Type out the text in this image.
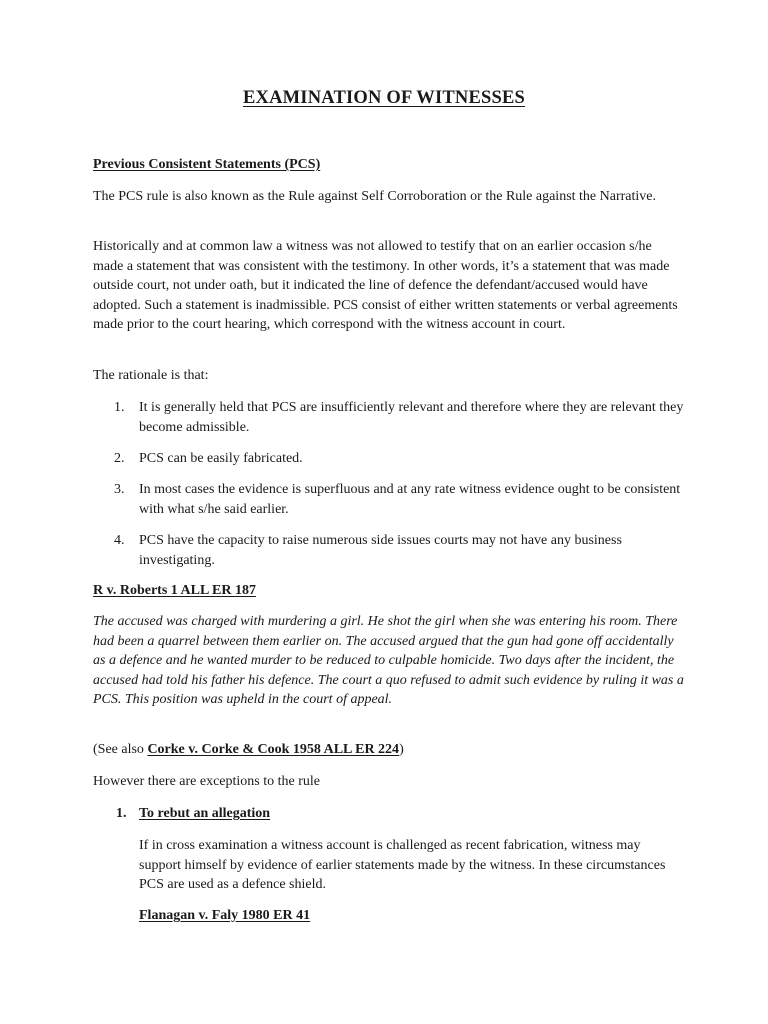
EXAMINATION OF WITNESSES
Previous Consistent Statements (PCS)

The PCS rule is also known as the Rule against Self Corroboration or the Rule against the Narrative.

Historically and at common law a witness was not allowed to testify that on an earlier occasion s/he made a statement that was consistent with the testimony. In other words, it’s a statement that was made outside court, not under oath, but it indicated the line of defence the defendant/accused would have adopted. Such a statement is inadmissible. PCS consist of either written statements or verbal agreements made prior to the court hearing, which correspond with the witness account in court.

The rationale is that:

1. It is generally held that PCS are insufficiently relevant and therefore where they are relevant they become admissible.

2. PCS can be easily fabricated.

3. In most cases the evidence is superfluous and at any rate witness evidence ought to be consistent with what s/he said earlier.

4. PCS have the capacity to raise numerous side issues courts may not have any business investigating.

R v. Roberts 1 ALL ER 187

The accused was charged with murdering a girl. He shot the girl when she was entering his room. There had been a quarrel between them earlier on. The accused argued that the gun had gone off accidentally as a defence and he wanted murder to be reduced to culpable homicide. Two days after the incident, the accused had told his father his defence. The court a quo refused to admit such evidence by ruling it was a PCS. This position was upheld in the court of appeal.

(See also Corke v. Corke & Cook 1958 ALL ER 224)

However there are exceptions to the rule

1. To rebut an allegation

If in cross examination a witness account is challenged as recent fabrication, witness may support himself by evidence of earlier statements made by the witness. In these circumstances PCS are used as a defence shield.

Flanagan v. Faly 1980 ER 41
